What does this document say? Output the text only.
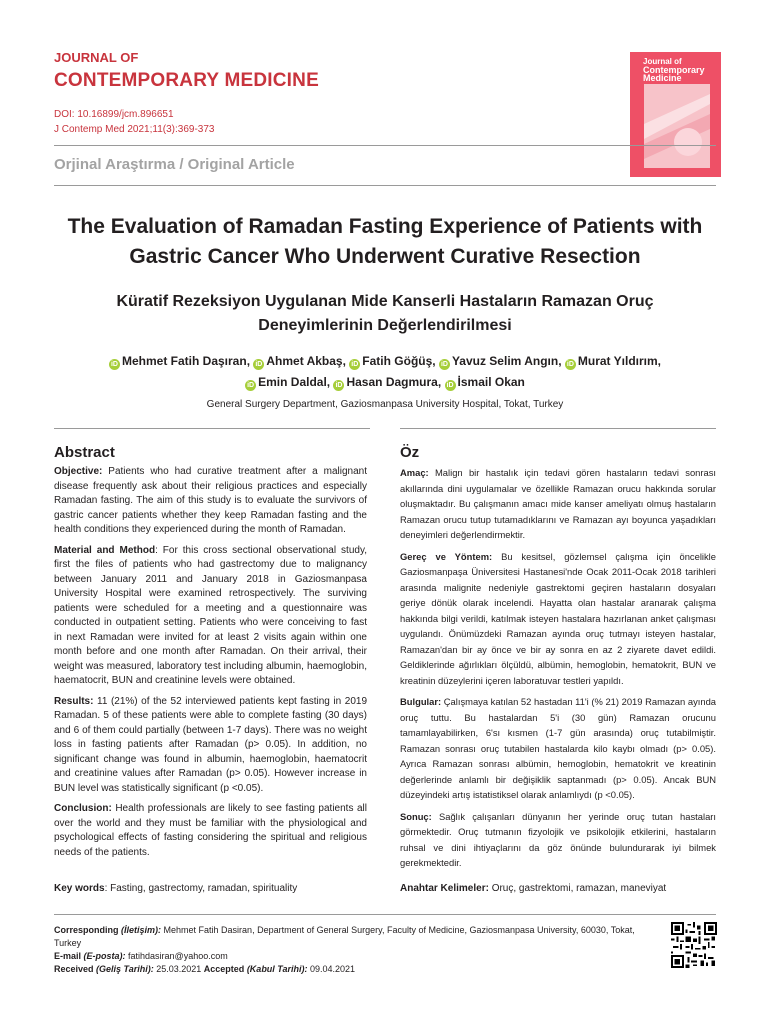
JOURNAL OF
CONTEMPORARY MEDICINE
DOI: 10.16899/jcm.896651
J Contemp Med 2021;11(3):369-373
Journal of
Contemporary
Medicine
Orjinal Araştırma / Original Article
The Evaluation of Ramadan Fasting Experience of Patients with Gastric Cancer Who Underwent Curative Resection
Küratif Rezeksiyon Uygulanan Mide Kanserli Hastaların Ramazan Oruç Deneyimlerinin Değerlendirilmesi
iD Mehmet Fatih Daşıran, iD Ahmet Akbaş, iD Fatih Göğüş, iD Yavuz Selim Angın, iD Murat Yıldırım,
iD Emin Daldal, iD Hasan Dagmura, iD İsmail Okan
General Surgery Department, Gaziosmanpasa University Hospital, Tokat, Turkey
Abstract	Öz

Objective: Patients who had curative treatment after a malignant disease frequently ask about their religious practices and especially Ramadan fasting. The aim of this study is to evaluate the survivors of gastric cancer patients whether they keep Ramadan fasting and the health conditions they experienced during the month of Ramadan.

Material and Method: For this cross sectional observational study, first the files of patients who had gastrectomy due to malignancy between January 2011 and January 2018 in Gaziosmanpasa University Hospital were examined retrospectively. The surviving patients were scheduled for a meeting and a questionnaire was conducted in outpatient setting. Patients who were conceiving to fast in next Ramadan were invited for at least 2 visits again within one month before and one month after Ramadan. On their arrival, their weight was measured, laboratory test including albumin, haemoglobin, haematocrit, BUN and creatinine levels were obtained.

Results: 11 (21%) of the 52 interviewed patients kept fasting in 2019 Ramadan. 5 of these patients were able to complete fasting (30 days) and 6 of them could partially (between 1-7 days). There was no weight loss in fasting patients after Ramadan (p> 0.05). In addition, no significant change was found in albumin, haemoglobin, haematocrit and creatinine values after Ramadan (p> 0.05). However increase in BUN level was statistically significant (p <0.05).

Conclusion: Health professionals are likely to see fasting patients all over the world and they must be familiar with the physiological and psychological effects of fasting considering the spiritual and religious needs of the patients.

Key words: Fasting, gastrectomy, ramadan, spirituality

Amaç: Malign bir hastalık için tedavi gören hastaların tedavi sonrası akıllarında dini uygulamalar ve özellikle Ramazan orucu hakkında sorular oluşmaktadır. Bu çalışmanın amacı mide kanser ameliyatı olmuş hastaların Ramazan orucu tutup tutamadıklarını ve Ramazan ayı boyunca yaşadıkları deneyimleri değerlendirmektir.

Gereç ve Yöntem: Bu kesitsel, gözlemsel çalışma için öncelikle Gaziosmanpaşa Üniversitesi Hastanesi'nde Ocak 2011-Ocak 2018 tarihleri arasında malignite nedeniyle gastrektomi geçiren hastaların dosyaları geriye dönük olarak incelendi. Hayatta olan hastalar aranarak çalışma hakkında bilgi verildi, katılmak isteyen hastalara hazırlanan anket çalışması uygulandı. Önümüzdeki Ramazan ayında oruç tutmayı isteyen hastalar, Ramazan'dan bir ay önce ve bir ay sonra en az 2 ziyarete davet edildi. Geldiklerinde ağırlıkları ölçüldü, albümin, hemoglobin, hematokrit, BUN ve kreatinin düzeylerini içeren laboratuvar testleri yapıldı.

Bulgular: Çalışmaya katılan 52 hastadan 11'i (% 21) 2019 Ramazan ayında oruç tuttu. Bu hastalardan 5'i (30 gün) Ramazan orucunu tamamlayabilirken, 6'sı kısmen (1-7 gün arasında) oruç tutabilmiştir. Ramazan sonrası oruç tutabilen hastalarda kilo kaybı olmadı (p> 0.05). Ayrıca Ramazan sonrası albümin, hemoglobin, hematokrit ve kreatinin değerlerinde anlamlı bir değişiklik saptanmadı (p> 0.05). Ancak BUN düzeyindeki artış istatistiksel olarak anlamlıydı (p <0.05).

Sonuç: Sağlık çalışanları dünyanın her yerinde oruç tutan hastaları görmektedir. Oruç tutmanın fizyolojik ve psikolojik etkilerini, hastaların ruhsal ve dini ihtiyaçlarını da göz önünde bulundurarak iyi bilmek gerekmektedir.

Anahtar Kelimeler: Oruç, gastrektomi, ramazan, maneviyat
Corresponding (İletişim): Mehmet Fatih Dasiran, Department of General Surgery, Faculty of Medicine, Gaziosmanpasa University, 60030, Tokat, Turkey
E-mail (E-posta): fatihdasiran@yahoo.com
Received (Geliş Tarihi): 25.03.2021 Accepted (Kabul Tarihi): 09.04.2021
